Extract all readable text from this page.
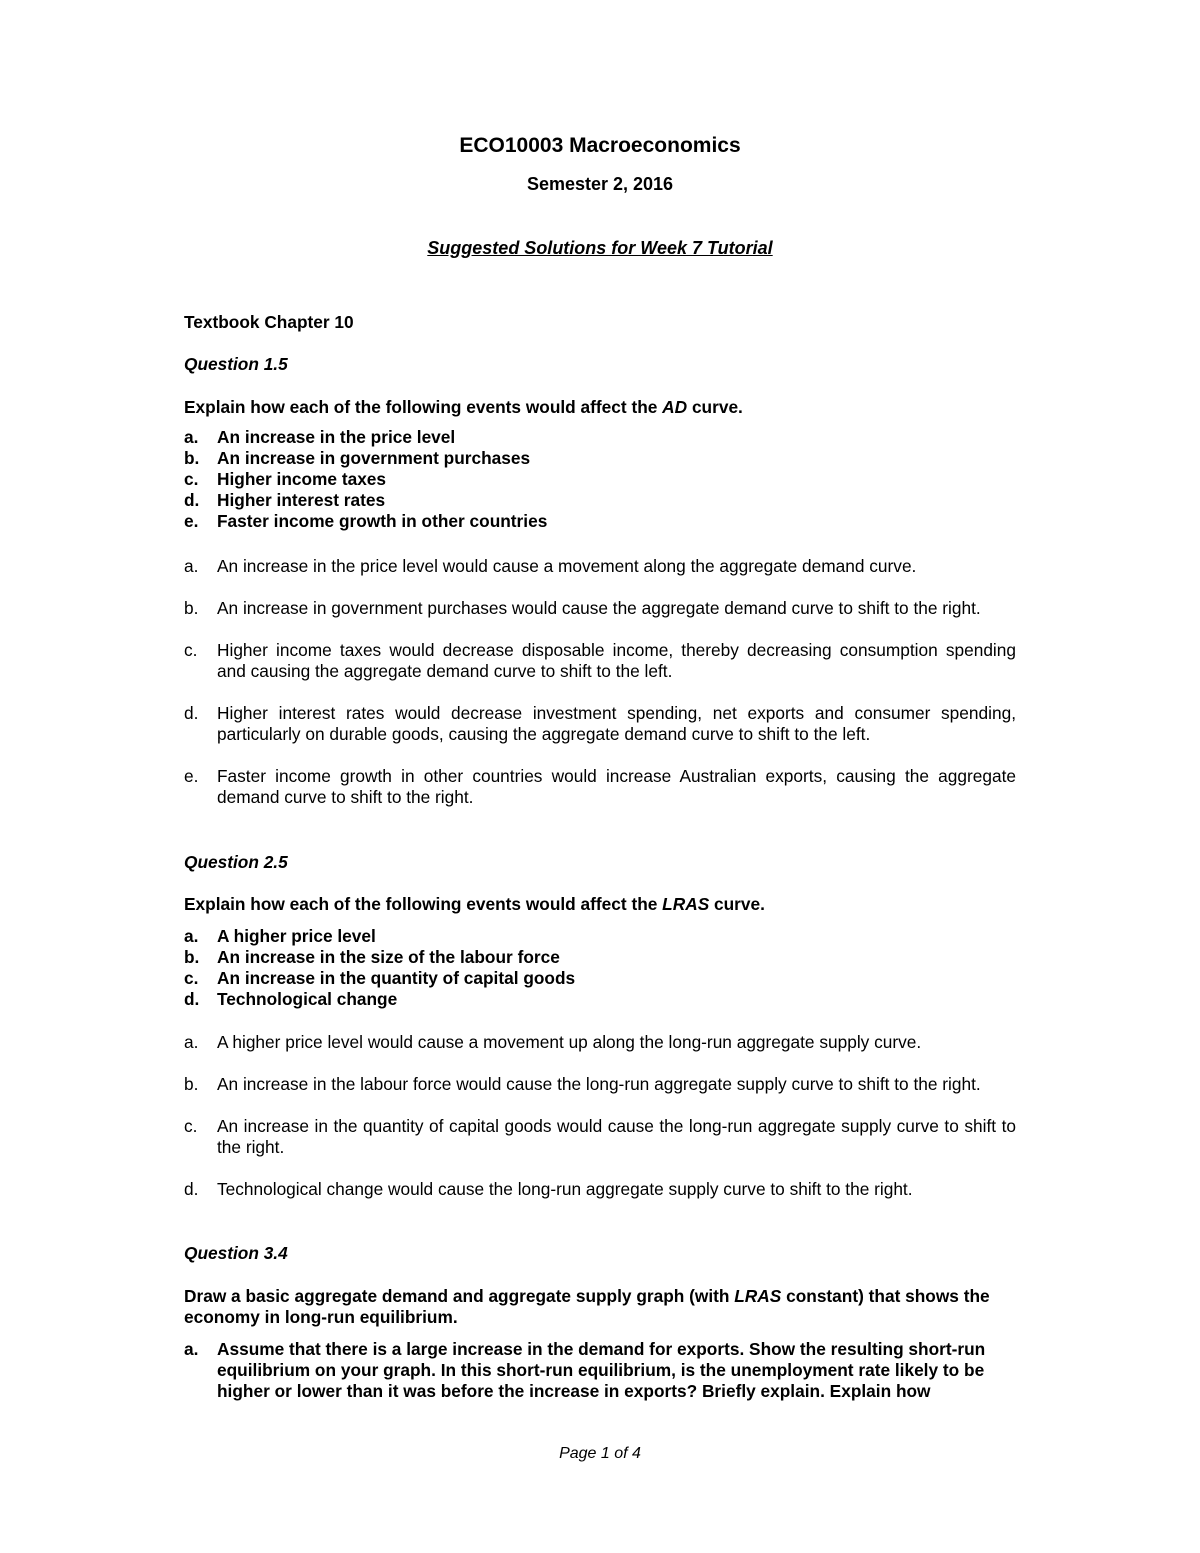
ECO10003 Macroeconomics
Semester 2, 2016
Suggested Solutions for Week 7 Tutorial
Textbook Chapter 10
Question 1.5
Explain how each of the following events would affect the AD curve.
a.	An increase in the price level
b.	An increase in government purchases
c.	Higher income taxes
d.	Higher interest rates
e.	Faster income growth in other countries
a.	An increase in the price level would cause a movement along the aggregate demand curve.
b.	An increase in government purchases would cause the aggregate demand curve to shift to the right.
c.	Higher income taxes would decrease disposable income, thereby decreasing consumption spending and causing the aggregate demand curve to shift to the left.
d.	Higher interest rates would decrease investment spending, net exports and consumer spending, particularly on durable goods, causing the aggregate demand curve to shift to the left.
e.	Faster income growth in other countries would increase Australian exports, causing the aggregate demand curve to shift to the right.
Question 2.5
Explain how each of the following events would affect the LRAS curve.
a.	A higher price level
b.	An increase in the size of the labour force
c.	An increase in the quantity of capital goods
d.	Technological change
a.	A higher price level would cause a movement up along the long-run aggregate supply curve.
b.	An increase in the labour force would cause the long-run aggregate supply curve to shift to the right.
c.	An increase in the quantity of capital goods would cause the long-run aggregate supply curve to shift to the right.
d.	Technological change would cause the long-run aggregate supply curve to shift to the right.
Question 3.4
Draw a basic aggregate demand and aggregate supply graph (with LRAS constant) that shows the economy in long-run equilibrium.
a.	Assume that there is a large increase in the demand for exports. Show the resulting short-run equilibrium on your graph. In this short-run equilibrium, is the unemployment rate likely to be higher or lower than it was before the increase in exports? Briefly explain. Explain how
Page 1 of 4
